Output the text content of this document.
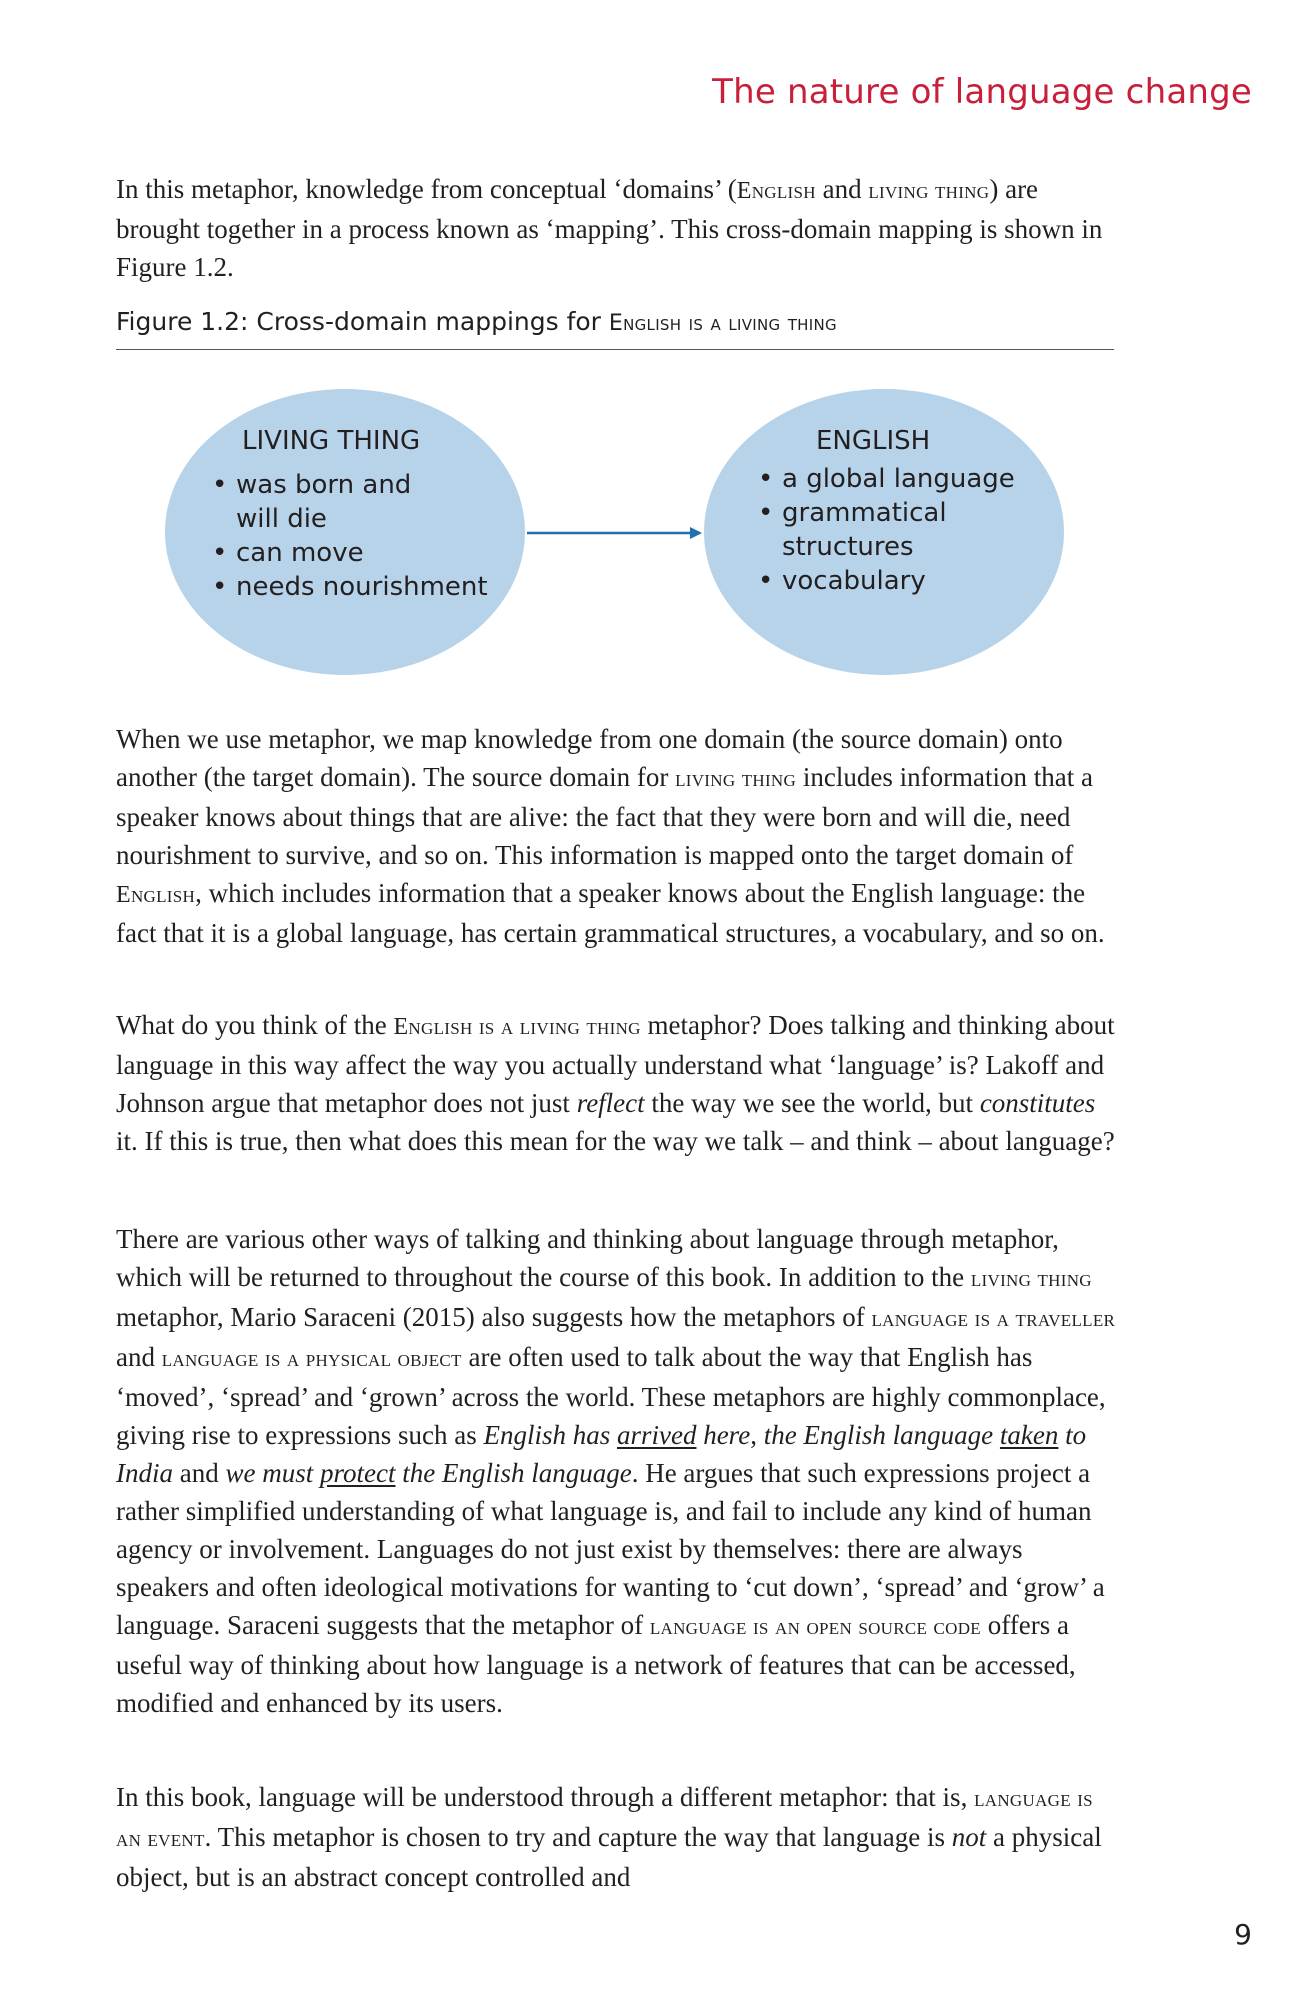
The nature of language change

In this metaphor, knowledge from conceptual ‘domains’ (English and living thing) are brought together in a process known as ‘mapping’. This cross-domain mapping is shown in Figure 1.2.

Figure 1.2: Cross-domain mappings for English is a living thing
LIVING THING
• was born and will die
• can move
• needs nourishment
ENGLISH
• a global language
• grammatical structures
• vocabulary

When we use metaphor, we map knowledge from one domain (the source domain) onto another (the target domain). The source domain for living thing includes information that a speaker knows about things that are alive: the fact that they were born and will die, need nourishment to survive, and so on. This information is mapped onto the target domain of English, which includes information that a speaker knows about the English language: the fact that it is a global language, has certain grammatical structures, a vocabulary, and so on.

What do you think of the English is a living thing metaphor? Does talking and thinking about language in this way affect the way you actually understand what ‘language’ is? Lakoff and Johnson argue that metaphor does not just reflect the way we see the world, but constitutes it. If this is true, then what does this mean for the way we talk – and think – about language?

There are various other ways of talking and thinking about language through metaphor, which will be returned to throughout the course of this book. In addition to the living thing metaphor, Mario Saraceni (2015) also suggests how the metaphors of language is a traveller and language is a physical object are often used to talk about the way that English has ‘moved’, ‘spread’ and ‘grown’ across the world. These metaphors are highly commonplace, giving rise to expressions such as English has arrived here, the English language taken to India and we must protect the English language. He argues that such expressions project a rather simplified understanding of what language is, and fail to include any kind of human agency or involvement. Languages do not just exist by themselves: there are always speakers and often ideological motivations for wanting to ‘cut down’, ‘spread’ and ‘grow’ a language. Saraceni suggests that the metaphor of language is an open source code offers a useful way of thinking about how language is a network of features that can be accessed, modified and enhanced by its users.

In this book, language will be understood through a different metaphor: that is, language is an event. This metaphor is chosen to try and capture the way that language is not a physical object, but is an abstract concept controlled and

9
